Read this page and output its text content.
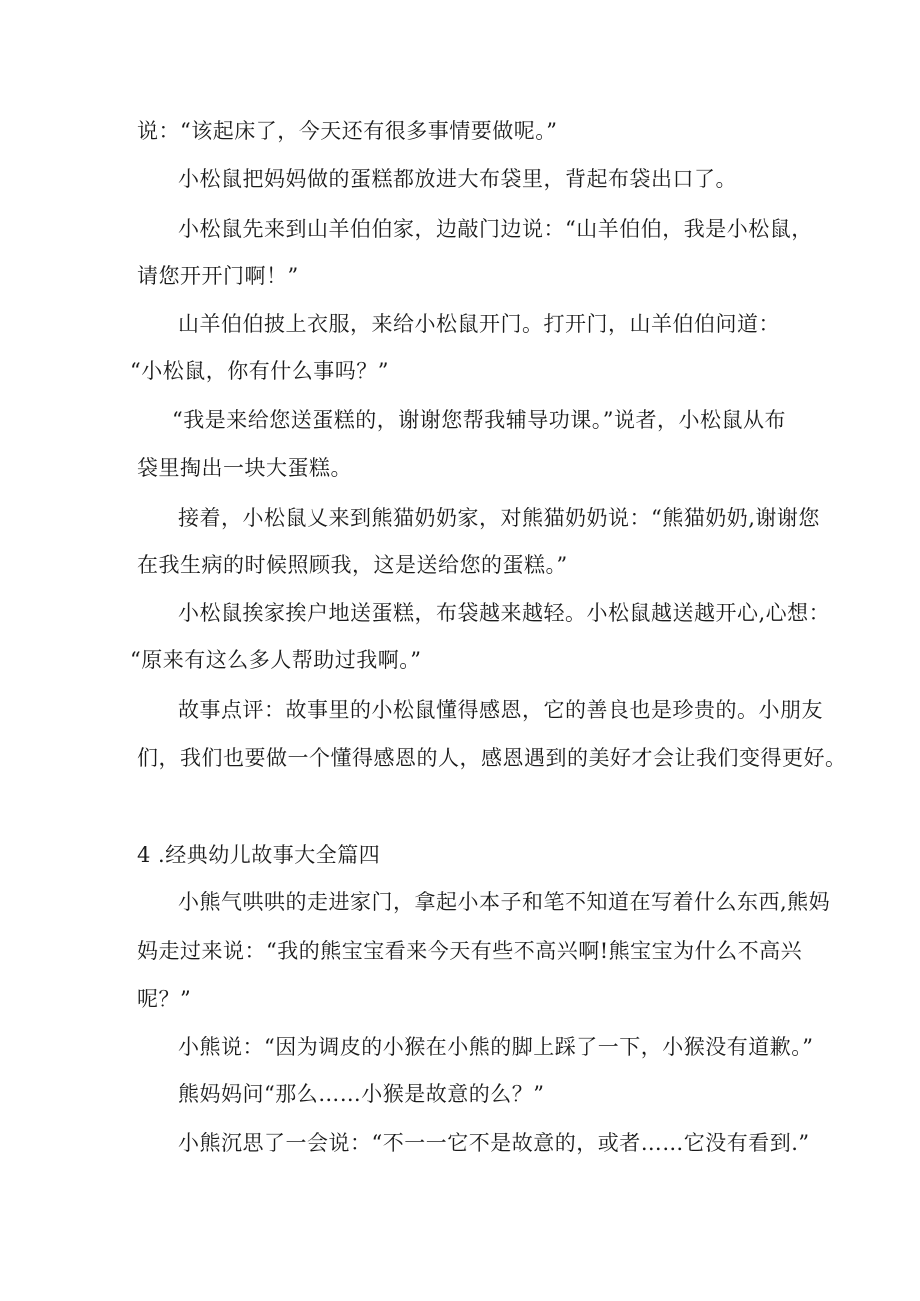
说：“该起床了，今天还有很多事情要做呢。”
小松鼠把妈妈做的蛋糕都放进大布袋里，背起布袋出口了。
小松鼠先来到山羊伯伯家，边敲门边说：“山羊伯伯，我是小松鼠，
请您开开门啊！”
山羊伯伯披上衣服，来给小松鼠开门。打开门，山羊伯伯问道：
“小松鼠，你有什么事吗？”
“我是来给您送蛋糕的，谢谢您帮我辅导功课。”说者，小松鼠从布
袋里掏出一块大蛋糕。
接着，小松鼠乂来到熊猫奶奶家，对熊猫奶奶说：“熊猫奶奶,谢谢您
在我生病的时候照顾我，这是送给您的蛋糕。”
小松鼠挨家挨户地送蛋糕，布袋越来越轻。小松鼠越送越开心,心想：
“原来有这么多人帮助过我啊。”
故事点评：故事里的小松鼠懂得感恩，它的善良也是珍贵的。小朋友
们，我们也要做一个懂得感恩的人，感恩遇到的美好才会让我们变得更好。
4 .经典幼儿故事大全篇四
小熊气哄哄的走进家门，拿起小本子和笔不知道在写着什么东西,熊妈
妈走过来说：“我的熊宝宝看来今天有些不高兴啊!熊宝宝为什么不高兴
呢？”
小熊说：“因为调皮的小猴在小熊的脚上踩了一下，小猴没有道歉。”
熊妈妈问“那么……小猴是故意的么？”
小熊沉思了一会说：“不一一它不是故意的，或者……它没有看到.”
